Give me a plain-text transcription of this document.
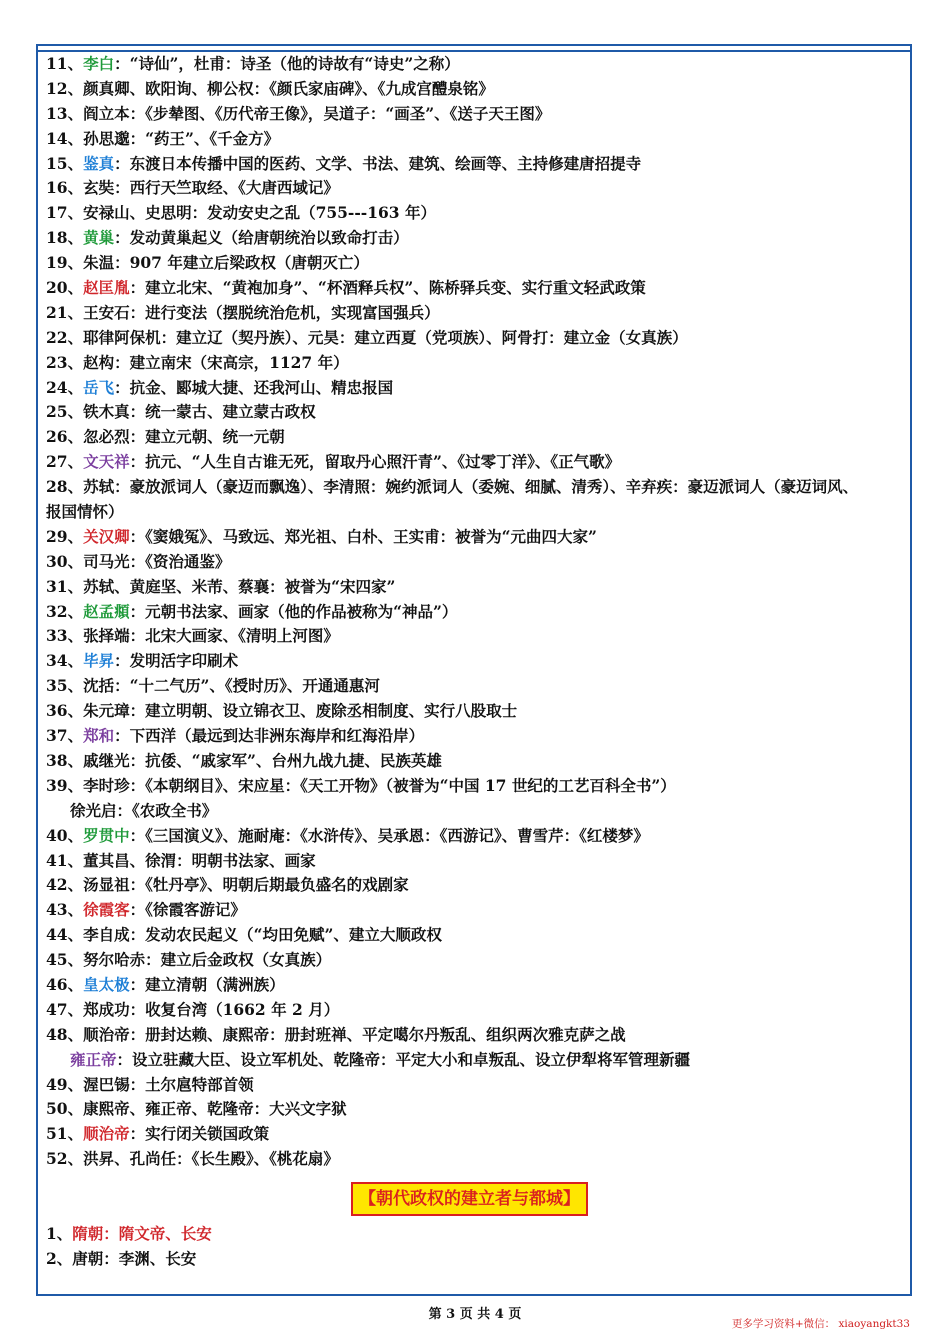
11、李白：“诗仙”，杜甫：诗圣（他的诗故有“诗史”之称）
12、颜真卿、欧阳询、柳公权：《颜氏家庙碑》、《九成宫醴泉铭》
13、阎立本：《步辇图、《历代帝王像》，吴道子：“画圣”、《送子天王图》
14、孙思邈：“药王”、《千金方》
15、鉴真：东渡日本传播中国的医药、文学、书法、建筑、绘画等、主持修建唐招提寺
16、玄奘：西行天竺取经、《大唐西域记》
17、安禄山、史思明：发动安史之乱（755---163 年）
18、黄巢：发动黄巢起义（给唐朝统治以致命打击）
19、朱温：907 年建立后梁政权（唐朝灭亡）
20、赵匡胤：建立北宋、“黄袍加身”、“杯酒释兵权”、陈桥驿兵变、实行重文轻武政策
21、王安石：进行变法（摆脱统治危机，实现富国强兵）
22、耶律阿保机：建立辽（契丹族）、元昊：建立西夏（党项族）、阿骨打：建立金（女真族）
23、赵构：建立南宋（宋高宗，1127 年）
24、岳飞：抗金、郾城大捷、还我河山、精忠报国
25、铁木真：统一蒙古、建立蒙古政权
26、忽必烈：建立元朝、统一元朝
27、文天祥：抗元、“人生自古谁无死，留取丹心照汗青”、《过零丁洋》、《正气歌》
28、苏轼：豪放派词人（豪迈而飘逸）、李清照：婉约派词人（委婉、细腻、清秀）、辛弃疾：豪迈派词人（豪迈词风、
报国情怀）
29、关汉卿：《窦娥冤》、马致远、郑光祖、白朴、王实甫：被誉为“元曲四大家”
30、司马光：《资治通鉴》
31、苏轼、黄庭坚、米芾、蔡襄：被誉为“宋四家”
32、赵孟頫：元朝书法家、画家（他的作品被称为“神品”）
33、张择端：北宋大画家、《清明上河图》
34、毕昇：发明活字印刷术
35、沈括：“十二气历”、《授时历》、开通通惠河
36、朱元璋：建立明朝、设立锦衣卫、废除丞相制度、实行八股取士
37、郑和：下西洋（最远到达非洲东海岸和红海沿岸）
38、戚继光：抗倭、“戚家军”、台州九战九捷、民族英雄
39、李时珍：《本朝纲目》、宋应星：《天工开物》（被誉为“中国 17 世纪的工艺百科全书”）
徐光启：《农政全书》
40、罗贯中：《三国演义》、施耐庵：《水浒传》、吴承恩：《西游记》、曹雪芹：《红楼梦》
41、董其昌、徐渭：明朝书法家、画家
42、汤显祖：《牡丹亭》、明朝后期最负盛名的戏剧家
43、徐霞客：《徐霞客游记》
44、李自成：发动农民起义（“均田免赋”、建立大顺政权
45、努尔哈赤：建立后金政权（女真族）
46、皇太极：建立清朝（满洲族）
47、郑成功：收复台湾（1662 年 2 月）
48、顺治帝：册封达赖、康熙帝：册封班禅、平定噶尔丹叛乱、组织两次雅克萨之战
雍正帝：设立驻藏大臣、设立军机处、乾隆帝：平定大小和卓叛乱、设立伊犁将军管理新疆
49、渥巴锡：土尔扈特部首领
50、康熙帝、雍正帝、乾隆帝：大兴文字狱
51、顺治帝：实行闭关锁国政策
52、洪昇、孔尚任：《长生殿》、《桃花扇》
【朝代政权的建立者与都城】
1、隋朝：隋文帝、长安
2、唐朝：李渊、长安
第 3 页 共 4 页
更多学习资料+微信： xiaoyangkt33
